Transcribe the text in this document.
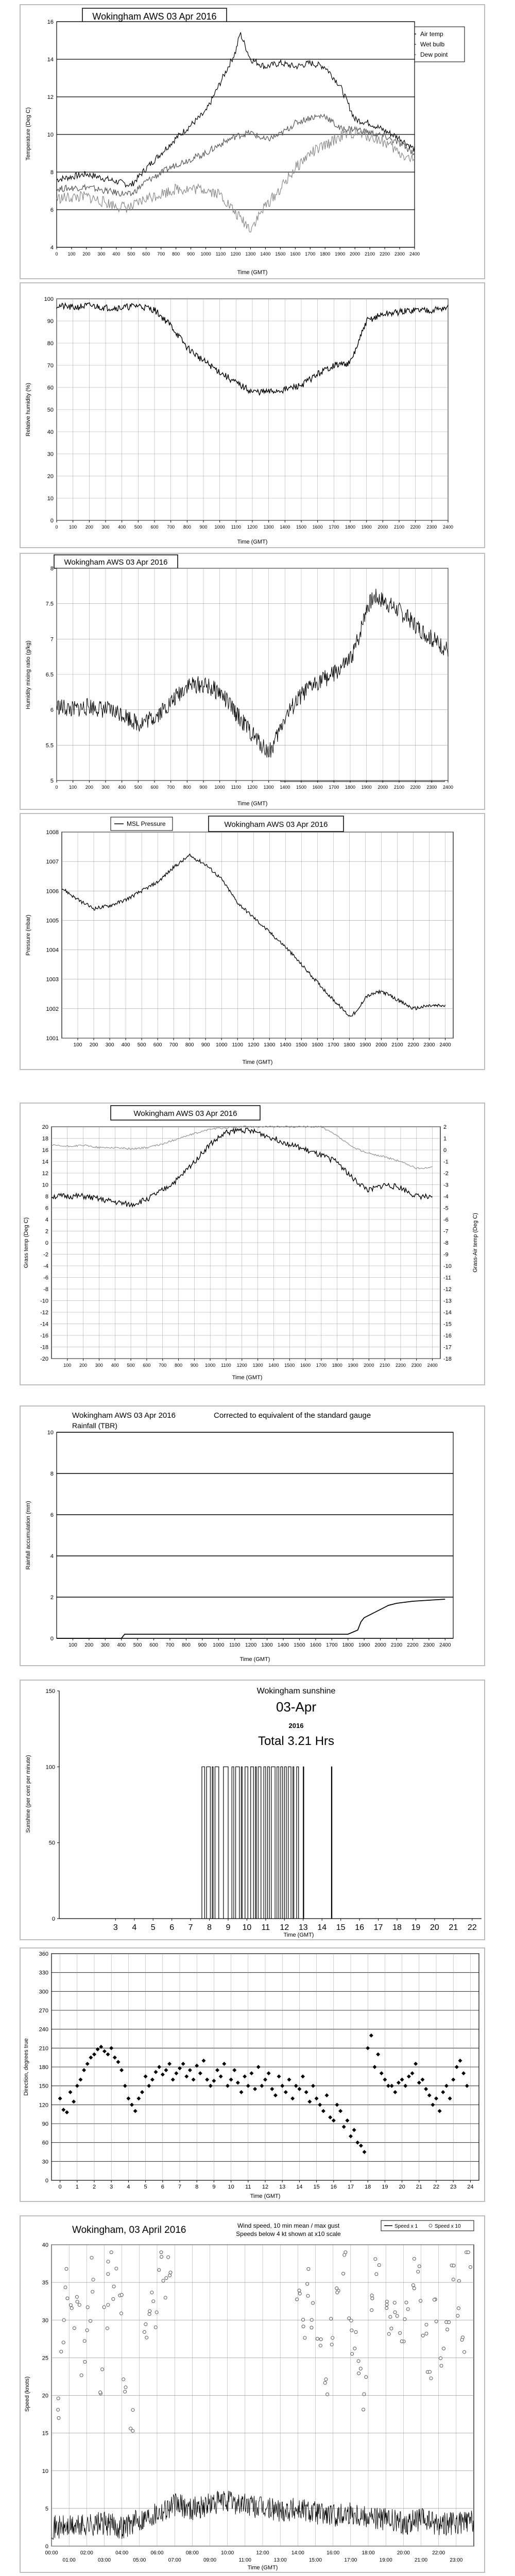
Wokingham AWS 03 Apr 2016
Temperature (Deg C)
Time (GMT)
Air temp
Wet bulb
Dew point
4
6
8
10
12
14
16
0 100 200 300 400 500 600 700 800 900 1000 1100 1200 1300 1400 1500 1600 1700 1800 1900 2000 2100 2200 2300 2400
Relative humidity (%)
Time (GMT)
0
10
20
30
40
50
60
70
80
90
100
0 100 200 300 400 500 600 700 800 900 1000 1100 1200 1300 1400 1500 1600 1700 1800 1900 2000 2100 2200 2300 2400
Wokingham AWS 03 Apr 2016
Humidity mixing ratio (g/kg)
Time (GMT)
5
5.5
6
6.5
7
7.5
8
0 100 200 300 400 500 600 700 800 900 1000 1100 1200 1300 1400 1500 1600 1700 1800 1900 2000 2100 2200 2300 2400
MSL Pressure	Wokingham AWS 03 Apr 2016
Pressure (mbar)
Time (GMT)
1001
1002
1003
1004
1005
1006
1007
1008
100 200 300 400 500 600 700 800 900 1000 1100 1200 1300 1400 1500 1600 1700 1800 1900 2000 2100 2200 2300 2400
Wokingham AWS 03 Apr 2016
Grass temp (Deg C)	Grass-Air temp (Deg C)
Time (GMT)
-20
-18
-16
-14
-12
-10
-8
-6
-4
-2
0
2
4
6
8
10
12
14
16
18
20
100 200 300 400 500 600 700 800 900 1000 1100 1200 1300 1400 1500 1600 1700 1800 1900 2000 2100 2200 2300 2400
2
1
0
-1
-2
-3
-4
-5
-6
-7
-8
-9
-10
-11
-12
-13
-14
-15
-16
-17
-18
Wokingham AWS 03 Apr 2016	Corrected to equivalent of the standard gauge
Rainfall (TBR)
Rainfall accumulation (mm)
Time (GMT)
0
2
4
6
8
10
100 200 300 400 500 600 700 800 900 1000 1100 1200 1300 1400 1500 1600 1700 1800 1900 2000 2100 2200 2300 2400
Wokingham sunshine
03-Apr
2016
Total 3.21 Hrs
Sunshine (per cent per minute)
Time (GMT)
0
50
100
150
3 4 5 6 7 8 9 10 11 12 13 14 15 16 17 18 19 20 21 22
Direction, degrees true
Time (GMT)
0
30
60
90
120
150
180
210
240
270
300
330
360
0 1 2 3 4 5 6 7 8 9 10 11 12 13 14 15 16 17 18 19 20 21 22 23 24
Wokingham, 03 April 2016	Wind speed, 10 min mean / max gust
Speeds below 4 kt shown at x10 scale
Speed x 1	Speed x 10
Speed (knots)
Time (GMT)
0
5
10
15
20
25
30
35
40
00:00
01:00
02:00
03:00
04:00
05:00
06:00
07:00
08:00
09:00
10:00
11:00
12:00
13:00
14:00
15:00
16:00
17:00
18:00
19:00
20:00
21:00
22:00
23:00
